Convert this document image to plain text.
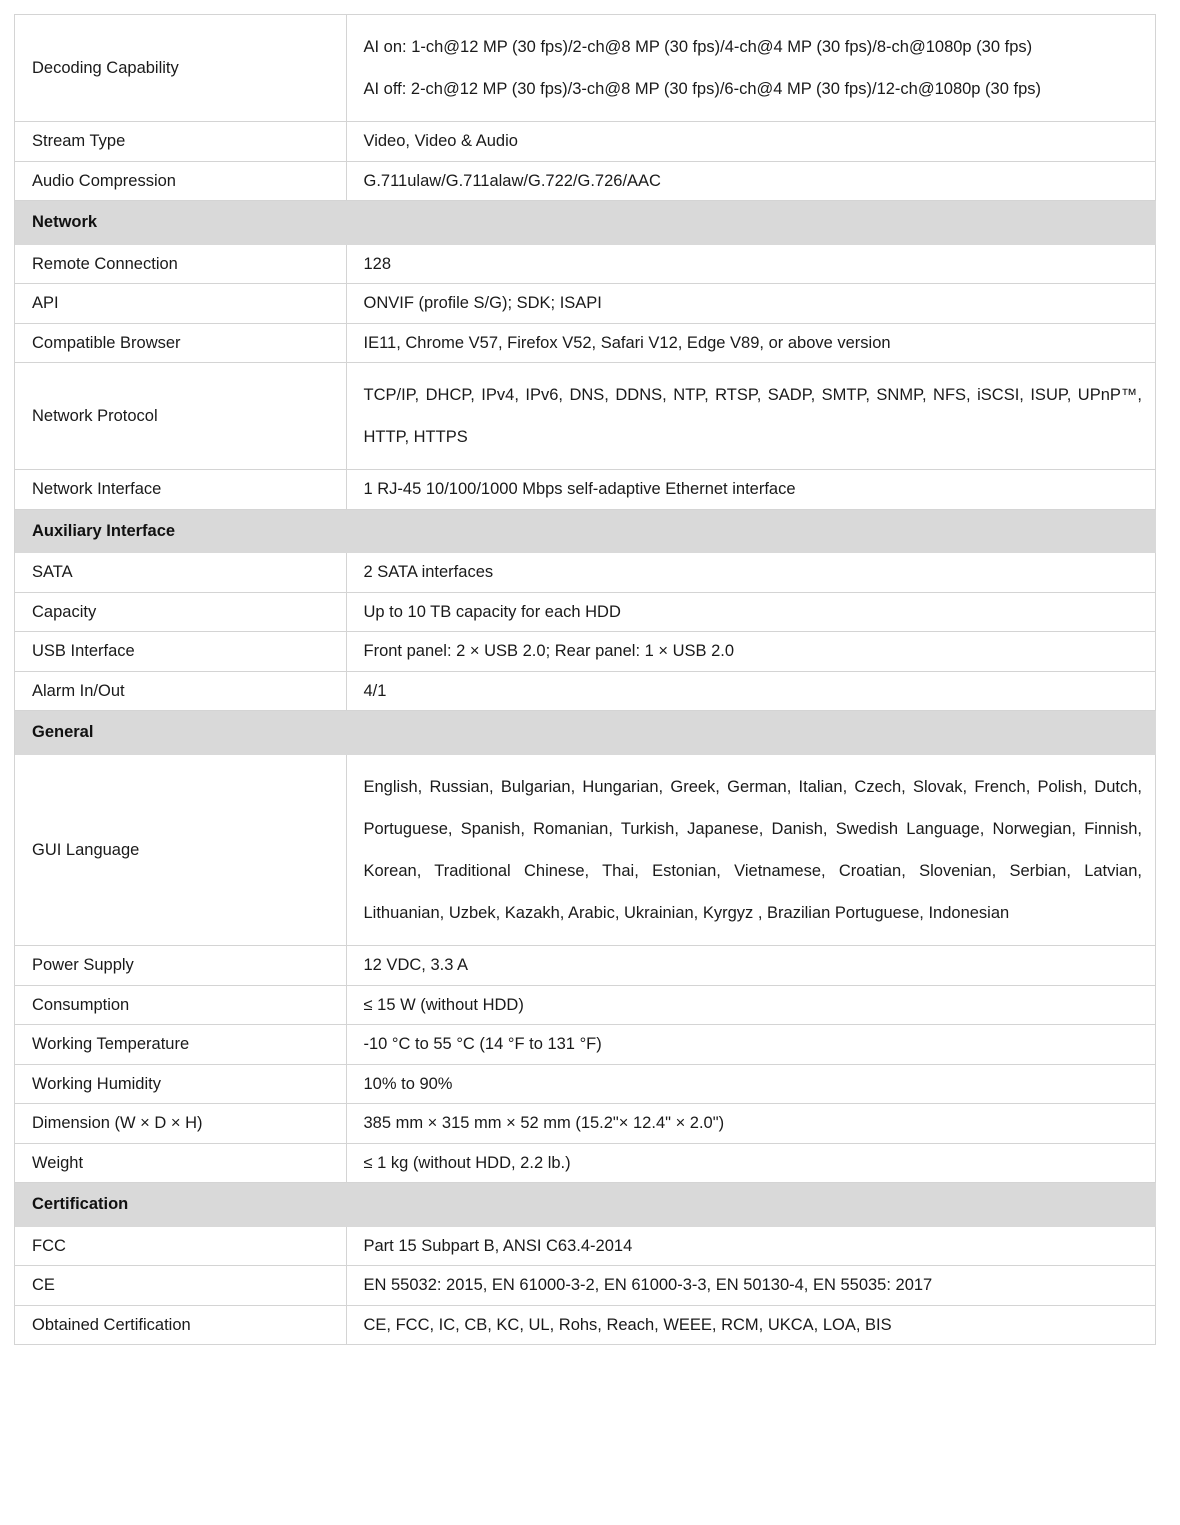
Decoding Capability	AI on: 1-ch@12 MP (30 fps)/2-ch@8 MP (30 fps)/4-ch@4 MP (30 fps)/8-ch@1080p (30 fps)
AI off: 2-ch@12 MP (30 fps)/3-ch@8 MP (30 fps)/6-ch@4 MP (30 fps)/12-ch@1080p (30 fps)

Stream Type	Video, Video & Audio

Audio Compression	G.711ulaw/G.711alaw/G.722/G.726/AAC

Network	
Remote Connection	128

API	ONVIF (profile S/G); SDK; ISAPI

Compatible Browser	IE11, Chrome V57, Firefox V52, Safari V12, Edge V89, or above version

Network Protocol	TCP/IP, DHCP, IPv4, IPv6, DNS, DDNS, NTP, RTSP, SADP, SMTP, SNMP, NFS, iSCSI, ISUP, UPnP™, HTTP, HTTPS

Network Interface	1 RJ-45 10/100/1000 Mbps self-adaptive Ethernet interface

Auxiliary Interface	
SATA	2 SATA interfaces

Capacity	Up to 10 TB capacity for each HDD

USB Interface	Front panel: 2 × USB 2.0; Rear panel: 1 × USB 2.0

Alarm In/Out	4/1

General	
GUI Language	English, Russian, Bulgarian, Hungarian, Greek, German, Italian, Czech, Slovak, French, Polish, Dutch, Portuguese, Spanish, Romanian, Turkish, Japanese, Danish, Swedish Language, Norwegian, Finnish, Korean, Traditional Chinese, Thai, Estonian, Vietnamese, Croatian, Slovenian, Serbian, Latvian, Lithuanian, Uzbek, Kazakh, Arabic, Ukrainian, Kyrgyz , Brazilian Portuguese, Indonesian

Power Supply	12 VDC, 3.3 A

Consumption	≤ 15 W (without HDD)

Working Temperature	-10 °C to 55 °C (14 °F to 131 °F)

Working Humidity	10% to 90%

Dimension (W × D × H)	385 mm × 315 mm × 52 mm (15.2"× 12.4" × 2.0")

Weight	≤ 1 kg (without HDD, 2.2 lb.)

Certification	
FCC	Part 15 Subpart B, ANSI C63.4-2014

CE	EN 55032: 2015, EN 61000-3-2, EN 61000-3-3, EN 50130-4, EN 55035: 2017

Obtained Certification	CE, FCC, IC, CB, KC, UL, Rohs, Reach, WEEE, RCM, UKCA, LOA, BIS
